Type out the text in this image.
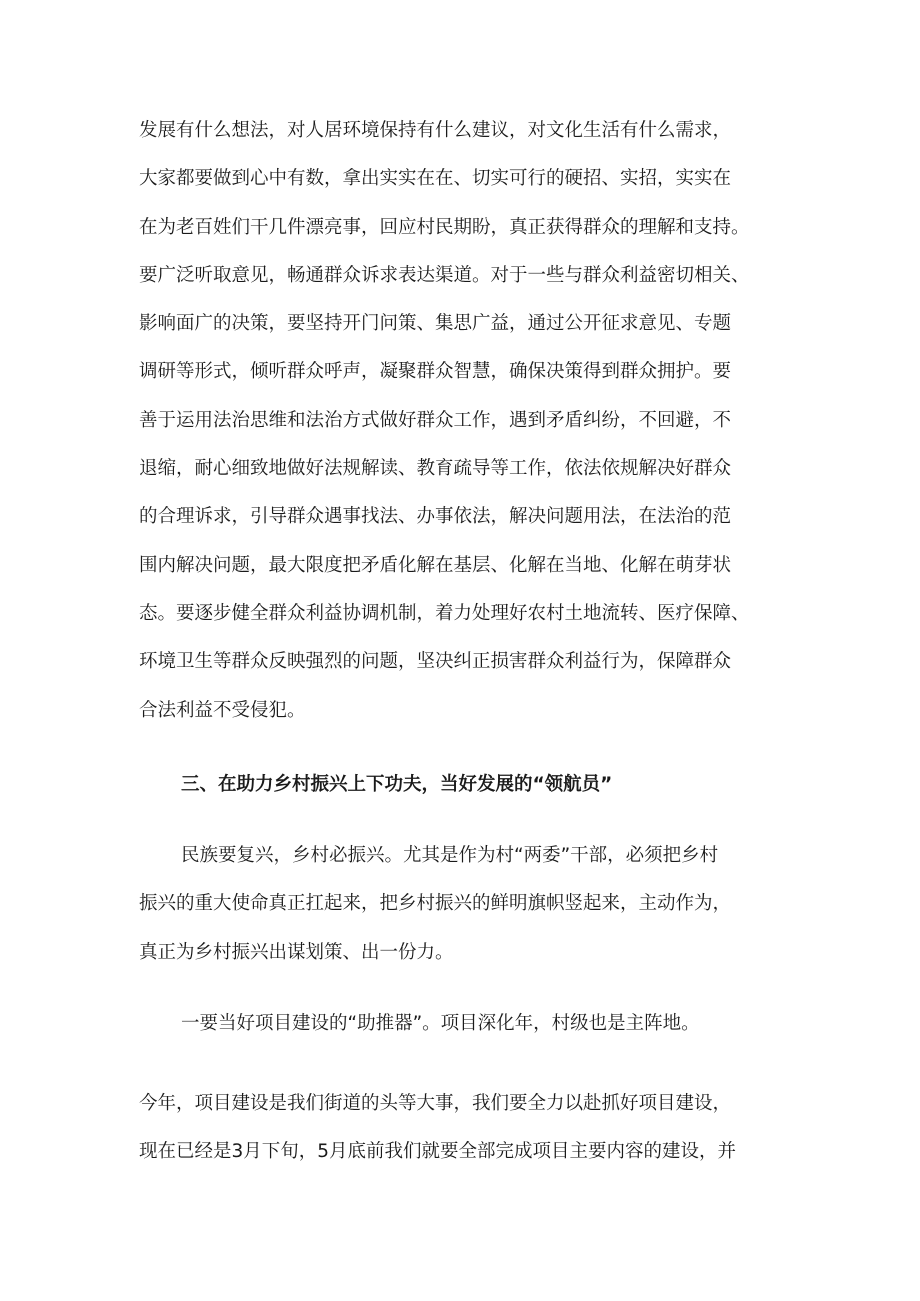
发展有什么想法，对人居环境保持有什么建议，对文化生活有什么需求，
大家都要做到心中有数，拿出实实在在、切实可行的硬招、实招，实实在
在为老百姓们干几件漂亮事，回应村民期盼，真正获得群众的理解和支持。
要广泛听取意见，畅通群众诉求表达渠道。对于一些与群众利益密切相关、
影响面广的决策，要坚持开门问策、集思广益，通过公开征求意见、专题
调研等形式，倾听群众呼声，凝聚群众智慧，确保决策得到群众拥护。要
善于运用法治思维和法治方式做好群众工作，遇到矛盾纠纷，不回避，不
退缩，耐心细致地做好法规解读、教育疏导等工作，依法依规解决好群众
的合理诉求，引导群众遇事找法、办事依法，解决问题用法，在法治的范
围内解决问题，最大限度把矛盾化解在基层、化解在当地、化解在萌芽状
态。要逐步健全群众利益协调机制，着力处理好农村土地流转、医疗保障、
环境卫生等群众反映强烈的问题，坚决纠正损害群众利益行为，保障群众
合法利益不受侵犯。
三、在助力乡村振兴上下功夫，当好发展的“领航员”
民族要复兴，乡村必振兴。尤其是作为村“两委”干部，必须把乡村
振兴的重大使命真正扛起来，把乡村振兴的鲜明旗帜竖起来，主动作为，
真正为乡村振兴出谋划策、出一份力。
一要当好项目建设的“助推器”。项目深化年，村级也是主阵地。
今年，项目建设是我们街道的头等大事，我们要全力以赴抓好项目建设，
现在已经是3月下旬，5月底前我们就要全部完成项目主要内容的建设，并
